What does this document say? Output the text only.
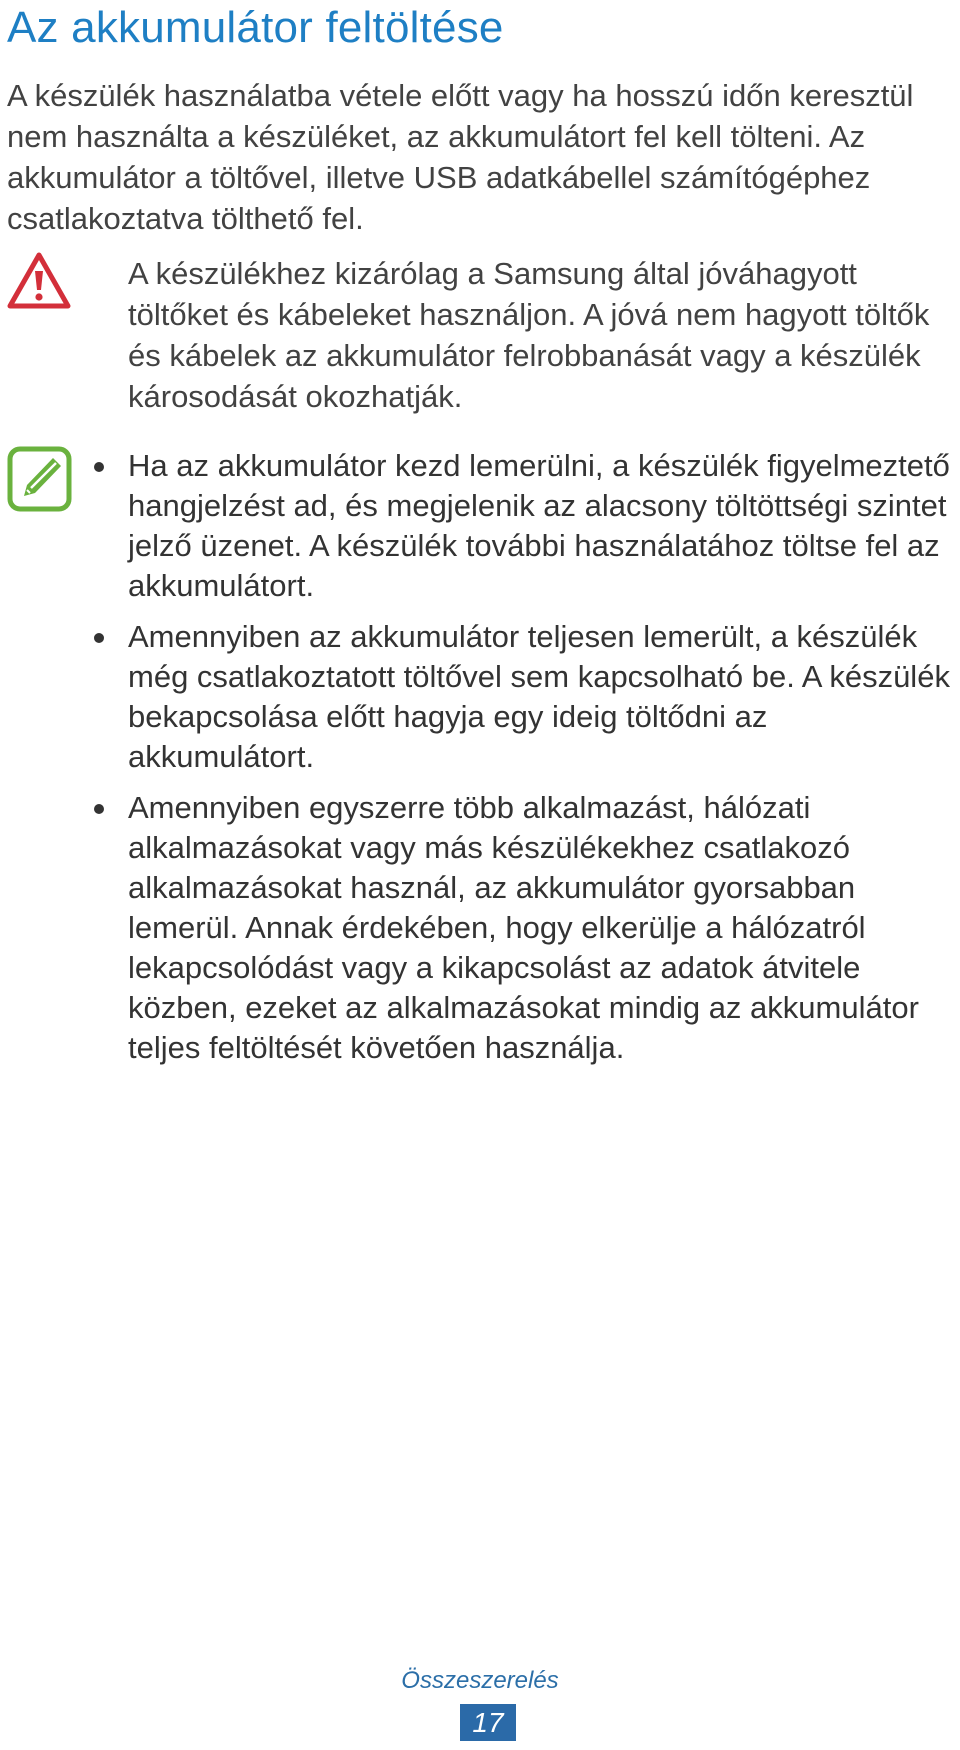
Az akkumulátor feltöltése

A készülék használatba vétele előtt vagy ha hosszú időn keresztül nem használta a készüléket, az akkumulátort fel kell tölteni. Az akkumulátor a töltővel, illetve USB adatkábellel számítógéphez csatlakoztatva tölthető fel.

A készülékhez kizárólag a Samsung által jóváhagyott töltőket és kábeleket használjon. A jóvá nem hagyott töltők és kábelek az akkumulátor felrobbanását vagy a készülék károsodását okozhatják.

Ha az akkumulátor kezd lemerülni, a készülék figyelmeztető hangjelzést ad, és megjelenik az alacsony töltöttségi szintet jelző üzenet. A készülék további használatához töltse fel az akkumulátort.
Amennyiben az akkumulátor teljesen lemerült, a készülék még csatlakoztatott töltővel sem kapcsolható be. A készülék bekapcsolása előtt hagyja egy ideig töltődni az akkumulátort.
Amennyiben egyszerre több alkalmazást, hálózati alkalmazásokat vagy más készülékekhez csatlakozó alkalmazásokat használ, az akkumulátor gyorsabban lemerül. Annak érdekében, hogy elkerülje a hálózatról lekapcsolódást vagy a kikapcsolást az adatok átvitele közben, ezeket az alkalmazásokat mindig az akkumulátor teljes feltöltését követően használja.
Összeszerelés
17
